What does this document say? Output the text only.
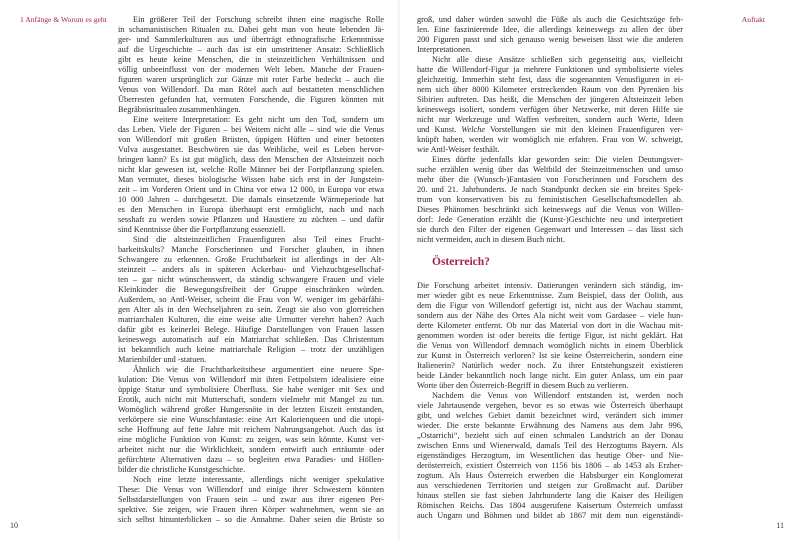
1 Anfänge & Worum es geht	Ein größerer Teil der Forschung schreibt ihnen eine magische Rolle
in schamanistischen Ritualen zu. Dabei geht man von heute lebenden Jä-
ger- und Sammlerkulturen aus und überträgt ethnografische Erkenntnisse
auf die Urgeschichte – auch das ist ein umstrittener Ansatz: Schließlich
gibt es heute keine Menschen, die in steinzeitlichen Verhältnissen und
völlig unbeeinflusst von der modernen Welt leben. Manche der Frauen-
figuren waren ursprünglich zur Gänze mit roter Farbe bedeckt – auch die
Venus von Willendorf. Da man Rötel auch auf bestatteten menschlichen
Überresten gefunden hat, vermuten Forschende, die Figuren könnten mit
Begräbnisritualen zusammenhängen.
Eine weitere Interpretation: Es geht nicht um den Tod, sondern um
das Leben. Viele der Figuren – bei Weitem nicht alle – sind wie die Venus
von Willendorf mit großen Brüsten, üppigen Hüften und einer betonten
Vulva ausgestattet. Beschwören sie das Weibliche, weil es Leben hervor-
bringen kann? Es ist gut möglich, dass den Menschen der Altsteinzeit noch
nicht klar gewesen ist, welche Rolle Männer bei der Fortpflanzung spielen.
Man vermutet, dieses biologische Wissen habe sich erst in der Jungstein-
zeit – im Vorderen Orient und in China vor etwa 12 000, in Europa vor etwa
10 000 Jahren – durchgesetzt. Die damals einsetzende Wärmeperiode hat
es den Menschen in Europa überhaupt erst ermöglicht, nach und nach
sesshaft zu werden sowie Pflanzen und Haustiere zu züchten – und dafür
sind Kenntnisse über die Fortpflanzung essenziell.
Sind die altsteinzeitlichen Frauenfiguren also Teil eines Frucht-
barkeitskults? Manche Forscherinnen und Forscher glauben, in ihnen
Schwangere zu erkennen. Große Fruchtbarkeit ist allerdings in der Alt-
steinzeit – anders als in späteren Ackerbau- und Viehzuchtgesellschaf-
ten – gar nicht wünschenswert, da ständig schwangere Frauen und viele
Kleinkinder die Bewegungsfreiheit der Gruppe einschränken würden.
Außerdem, so Antl-Weiser, scheint die Frau von W. weniger im gebärfähi-
gen Alter als in den Wechseljahren zu sein. Zeugt sie also von glorreichen
matriarchalen Kulturen, die eine weise alte Urmutter verehrt haben? Auch
dafür gibt es keinerlei Belege. Häufige Darstellungen von Frauen lassen
keineswegs automatisch auf ein Matriarchat schließen. Das Christentum
ist bekanntlich auch keine matriarchale Religion – trotz der unzähligen
Marienbilder und -statuen.
Ähnlich wie die Fruchtbarkeitsthese argumentiert eine neuere Spe-
kulation: Die Venus von Willendorf mit ihren Fettpolstern idealisiere eine
üppige Statur und symbolisiere Überfluss. Sie habe weniger mit Sex und
Erotik, auch nicht mit Mutterschaft, sondern vielmehr mit Mangel zu tun.
Womöglich während großer Hungersnöte in der letzten Eiszeit entstanden,
verkörpere sie eine Wunschfantasie: eine Art Kalorienqueen und die utopi-
sche Hoffnung auf fette Jahre mit reichem Nahrungsangebot. Auch das ist
eine mögliche Funktion von Kunst: zu zeigen, was sein könnte. Kunst ver-
arbeitet nicht nur die Wirklichkeit, sondern entwirft auch erträumte oder
gefürchtete Alternativen dazu – so begleiten etwa Paradies- und Höllen-
bilder die christliche Kunstgeschichte.
Noch eine letzte interessante, allerdings nicht weniger spekulative
These: Die Venus von Willendorf und einige ihrer Schwestern könnten
Selbstdarstellungen von Frauen sein – und zwar aus ihrer eigenen Per-
spektive. Sie zeigen, wie Frauen ihren Körper wahrnehmen, wenn sie an
sich selbst hinunterblicken – so die Annahme. Daher seien die Brüste so
10
Auftakt
groß, und daher würden sowohl die Füße als auch die Gesichtszüge feh-
len. Eine faszinierende Idee, die allerdings keineswegs zu allen der über
200 Figuren passt und sich genauso wenig beweisen lässt wie die anderen
Interpretationen.
Nicht alle diese Ansätze schließen sich gegenseitig aus, vielleicht
hatte die Willendorf-Figur ja mehrere Funktionen und symbolisierte vieles
gleichzeitig. Immerhin steht fest, dass die sogenannten Venusfiguren in ei-
nem sich über 8000 Kilometer erstreckenden Raum von den Pyrenäen bis
Sibirien auftreten. Das heißt, die Menschen der jüngeren Altsteinzeit leben
keineswegs isoliert, sondern verfügen über Netzwerke, mit deren Hilfe sie
nicht nur Werkzeuge und Waffen verbreiten, sondern auch Werte, Ideen
und Kunst. Welche Vorstellungen sie mit den kleinen Frauenfiguren ver-
knüpft haben, werden wir womöglich nie erfahren. Frau von W. schweigt,
wie Antl-Weiser festhält.
Eines dürfte jedenfalls klar geworden sein: Die vielen Deutungsver-
suche erzählen wenig über das Weltbild der Steinzeitmenschen und umso
mehr über die (Wunsch-)Fantasien von Forscherinnen und Forschern des
20. und 21. Jahrhunderts. Je nach Standpunkt decken sie ein breites Spek-
trum von konservativen bis zu feministischen Gesellschaftsmodellen ab.
Dieses Phänomen beschränkt sich keineswegs auf die Venus von Willen-
dorf: Jede Generation erzählt die (Kunst-)Geschichte neu und interpretiert
sie durch den Filter der eigenen Gegenwart und Interessen – das lässt sich
nicht vermeiden, auch in diesem Buch nicht.
Österreich?
Die Forschung arbeitet intensiv. Datierungen verändern sich ständig, im-
mer wieder gibt es neue Erkenntnisse. Zum Beispiel, dass der Oolith, aus
dem die Figur von Willendorf gefertigt ist, nicht aus der Wachau stammt,
sondern aus der Nähe des Ortes Ala nicht weit vom Gardasee – viele hun-
derte Kilometer entfernt. Ob nur das Material von dort in die Wachau mit-
genommen worden ist oder bereits die fertige Figur, ist nicht geklärt. Hat
die Venus von Willendorf demnach womöglich nichts in einem Überblick
zur Kunst in Österreich verloren? Ist sie keine Österreicherin, sondern eine
Italienerin? Natürlich weder noch. Zu ihrer Entstehungszeit existieren
beide Länder bekanntlich noch lange nicht. Ein guter Anlass, um ein paar
Worte über den Österreich-Begriff in diesem Buch zu verlieren.
Nachdem die Venus von Willendorf entstanden ist, werden noch
viele Jahrtausende vergehen, bevor es so etwas wie Österreich überhaupt
gibt, und welches Gebiet damit bezeichnet wird, verändert sich immer
wieder. Die erste bekannte Erwähnung des Namens aus dem Jahr 996,
„Ostarrichi“, bezieht sich auf einen schmalen Landstrich an der Donau
zwischen Enns und Wienerwald, damals Teil des Herzogtums Bayern. Als
eigenständiges Herzogtum, im Wesentlichen das heutige Ober- und Nie-
derösterreich, existiert Österreich von 1156 bis 1806 – ab 1453 als Erzher-
zogtum. Als Haus Österreich erwerben die Habsburger ein Konglomerat
aus verschiedenen Territorien und steigen zur Großmacht auf. Darüber
hinaus stellen sie fast sieben Jahrhunderte lang die Kaiser des Heiligen
Römischen Reichs. Das 1804 ausgerufene Kaisertum Österreich umfasst
auch Ungarn und Böhmen und bildet ab 1867 mit dem nun eigenständi-
11
